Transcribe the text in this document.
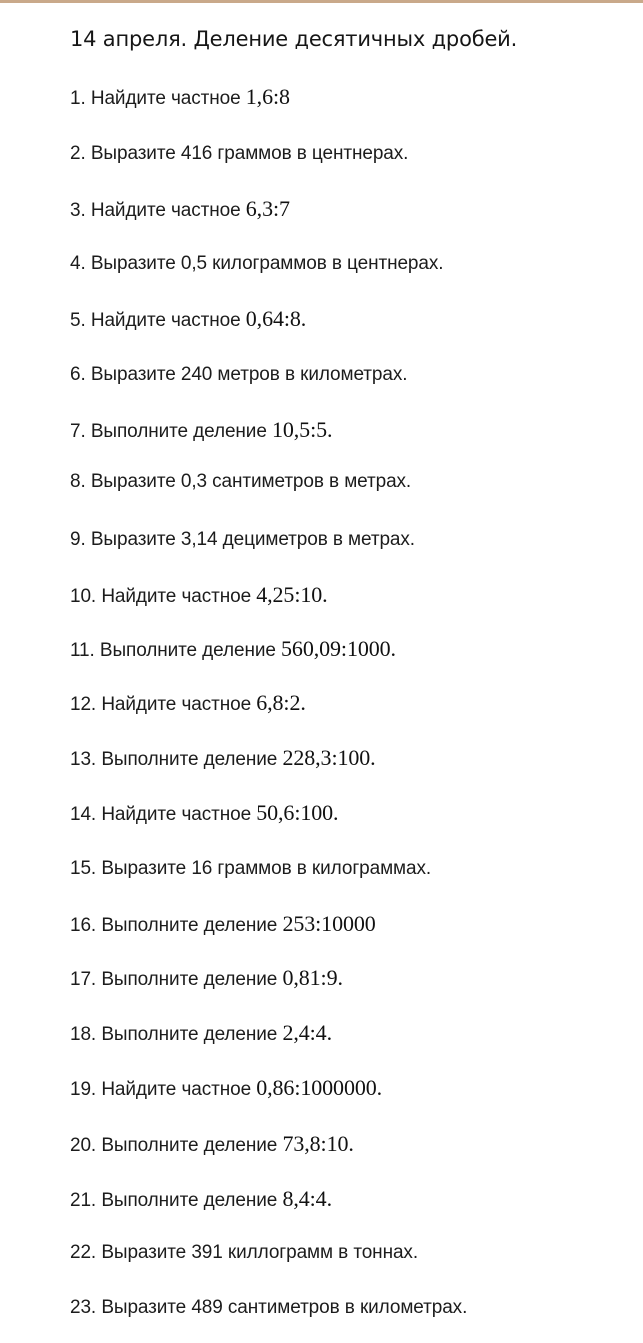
14 апреля. Деление десятичных дробей.
1. Найдите частное 1,6:8
2. Выразите 416 граммов в центнерах.
3. Найдите частное 6,3:7
4. Выразите 0,5 килограммов в центнерах.
5. Найдите частное 0,64:8.
6. Выразите 240 метров в километрах.
7. Выполните деление 10,5:5.
8. Выразите 0,3 сантиметров в метрах.
9. Выразите 3,14 дециметров в метрах.
10. Найдите частное 4,25:10.
11. Выполните деление 560,09:1000.
12. Найдите частное 6,8:2.
13. Выполните деление 228,3:100.
14. Найдите частное 50,6:100.
15. Выразите 16 граммов в килограммах.
16. Выполните деление 253:10000
17. Выполните деление 0,81:9.
18. Выполните деление 2,4:4.
19. Найдите частное 0,86:1000000.
20. Выполните деление 73,8:10.
21. Выполните деление 8,4:4.
22. Выразите 391 киллограмм в тоннах.
23. Выразите 489 сантиметров в километрах.
